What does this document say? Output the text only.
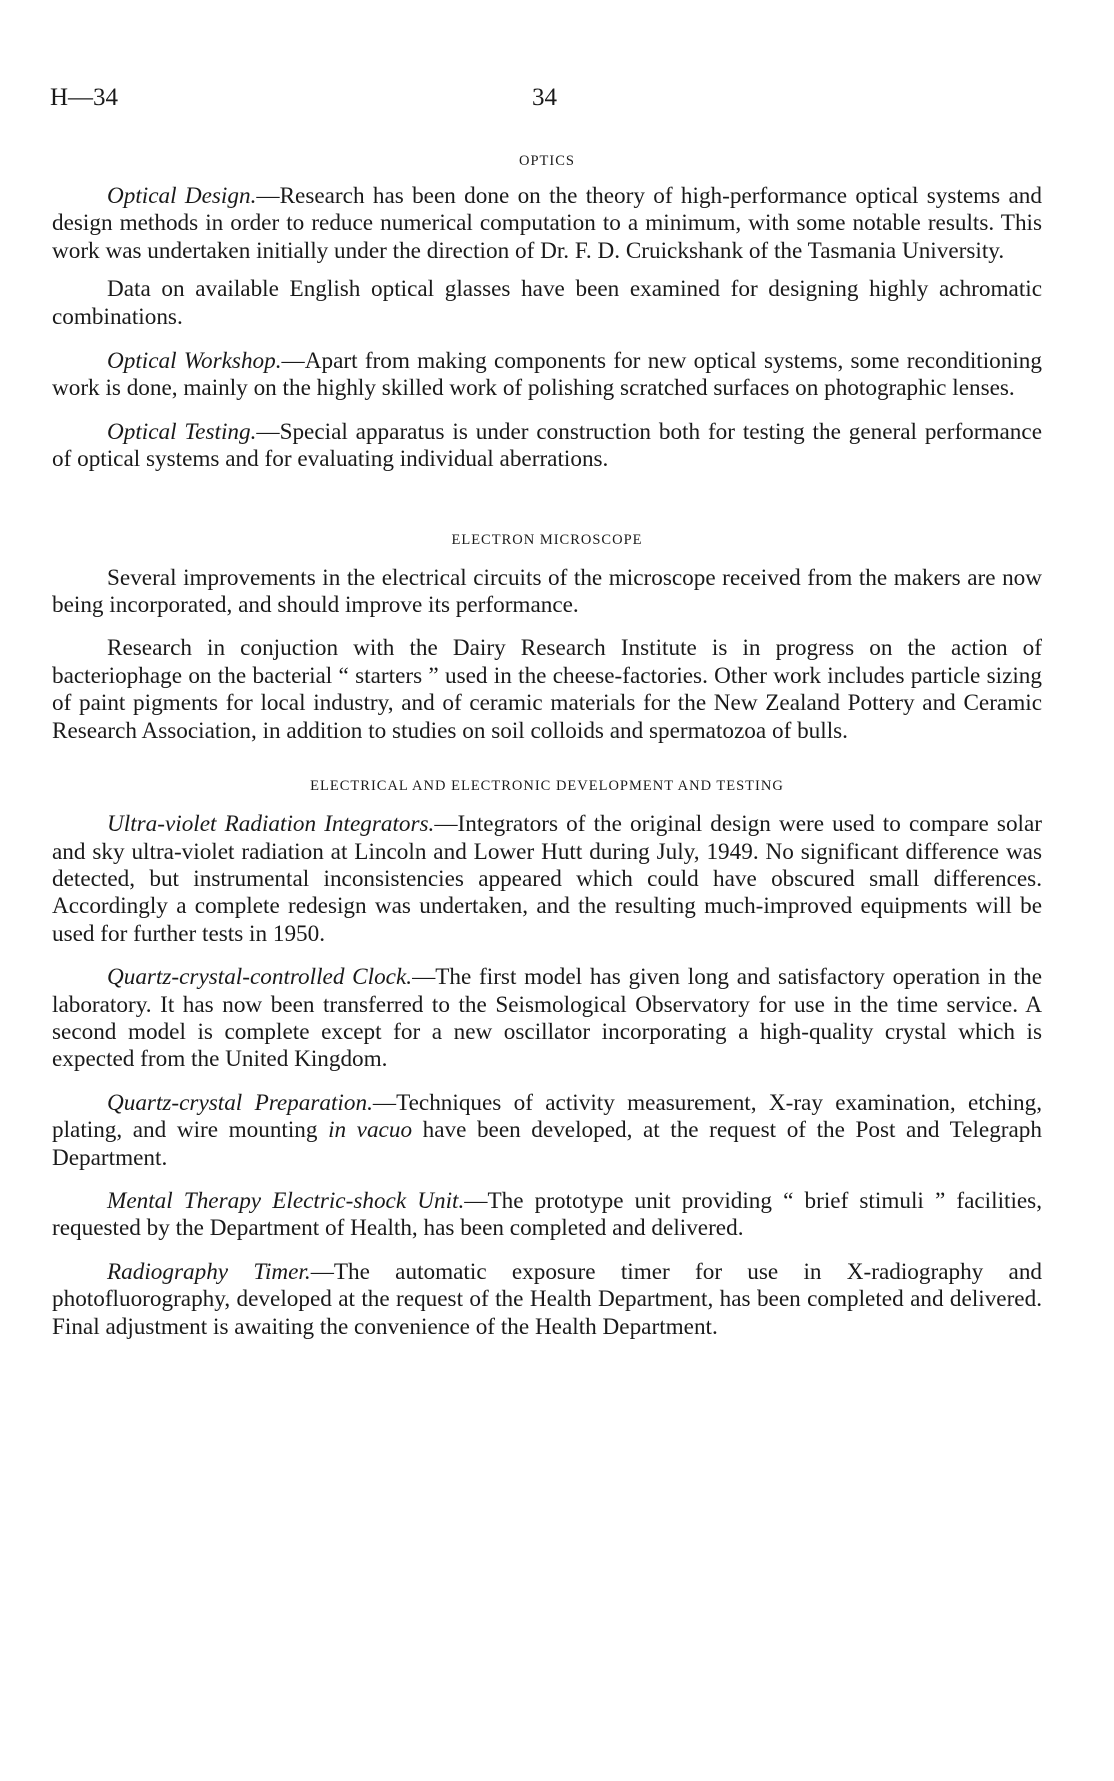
H—34	34
OPTICS

Optical Design.—Research has been done on the theory of high-performance optical systems and design methods in order to reduce numerical computation to a minimum, with some notable results. This work was undertaken initially under the direction of Dr. F. D. Cruickshank of the Tasmania University.

Data on available English optical glasses have been examined for designing highly achromatic combinations.

Optical Workshop.—Apart from making components for new optical systems, some reconditioning work is done, mainly on the highly skilled work of polishing scratched surfaces on photographic lenses.

Optical Testing.—Special apparatus is under construction both for testing the general performance of optical systems and for evaluating individual aberrations.

ELECTRON MICROSCOPE

Several improvements in the electrical circuits of the microscope received from the makers are now being incorporated, and should improve its performance.

Research in conjuction with the Dairy Research Institute is in progress on the action of bacteriophage on the bacterial “ starters ” used in the cheese-factories. Other work includes particle sizing of paint pigments for local industry, and of ceramic materials for the New Zealand Pottery and Ceramic Research Association, in addition to studies on soil colloids and spermatozoa of bulls.

ELECTRICAL AND ELECTRONIC DEVELOPMENT AND TESTING

Ultra-violet Radiation Integrators.—Integrators of the original design were used to compare solar and sky ultra-violet radiation at Lincoln and Lower Hutt during July, 1949. No significant difference was detected, but instrumental inconsistencies appeared which could have obscured small differences. Accordingly a complete redesign was undertaken, and the resulting much-improved equipments will be used for further tests in 1950.

Quartz-crystal-controlled Clock.—The first model has given long and satisfactory operation in the laboratory. It has now been transferred to the Seismological Observatory for use in the time service. A second model is complete except for a new oscillator incorporating a high-quality crystal which is expected from the United Kingdom.

Quartz-crystal Preparation.—Techniques of activity measurement, X-ray examination, etching, plating, and wire mounting in vacuo have been developed, at the request of the Post and Telegraph Department.

Mental Therapy Electric-shock Unit.—The prototype unit providing “ brief stimuli ” facilities, requested by the Department of Health, has been completed and delivered.

Radiography Timer.—The automatic exposure timer for use in X-radiography and photofluorography, developed at the request of the Health Department, has been completed and delivered. Final adjustment is awaiting the convenience of the Health Department.
